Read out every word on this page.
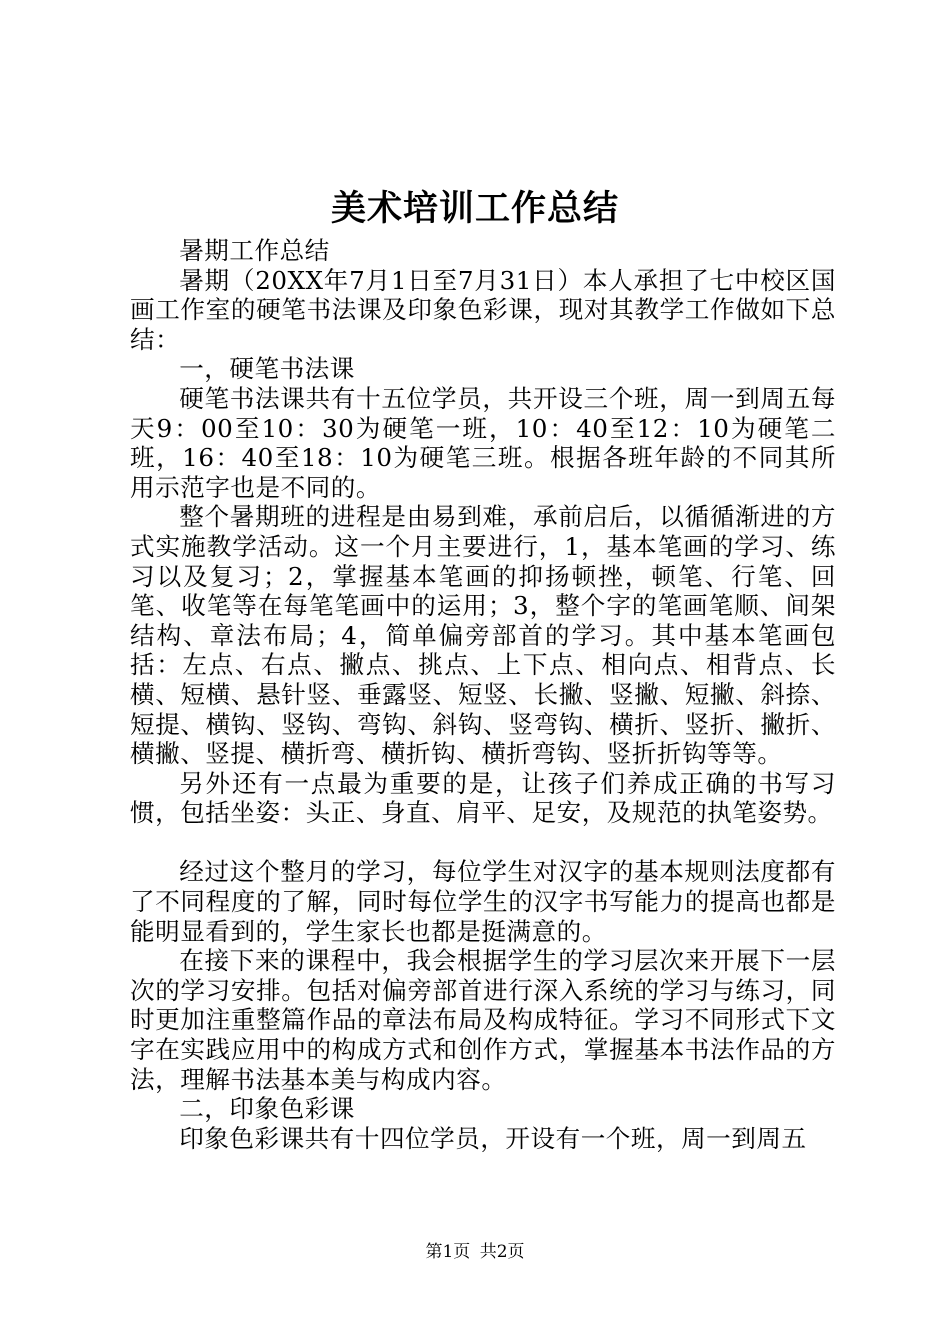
美术培训工作总结

暑期工作总结

暑期（20XX年7月1日至7月31日）本人承担了七中校区国画工作室的硬笔书法课及印象色彩课，现对其教学工作做如下总结：

一，硬笔书法课

硬笔书法课共有十五位学员，共开设三个班，周一到周五每天9：00至10：30为硬笔一班，10：40至12：10为硬笔二班，16：40至18：10为硬笔三班。根据各班年龄的不同其所用示范字也是不同的。

整个暑期班的进程是由易到难，承前启后，以循循渐进的方式实施教学活动。这一个月主要进行，1，基本笔画的学习、练习以及复习；2，掌握基本笔画的抑扬顿挫，顿笔、行笔、回笔、收笔等在每笔笔画中的运用；3，整个字的笔画笔顺、间架结构、章法布局；4，简单偏旁部首的学习。其中基本笔画包括：左点、右点、撇点、挑点、上下点、相向点、相背点、长横、短横、悬针竖、垂露竖、短竖、长撇、竖撇、短撇、斜捺、短提、横钩、竖钩、弯钩、斜钩、竖弯钩、横折、竖折、撇折、横撇、竖提、横折弯、横折钩、横折弯钩、竖折折钩等等。

另外还有一点最为重要的是，让孩子们养成正确的书写习惯，包括坐姿：头正、身直、肩平、足安，及规范的执笔姿势。

经过这个整月的学习，每位学生对汉字的基本规则法度都有了不同程度的了解，同时每位学生的汉字书写能力的提高也都是能明显看到的，学生家长也都是挺满意的。

在接下来的课程中，我会根据学生的学习层次来开展下一层次的学习安排。包括对偏旁部首进行深入系统的学习与练习，同时更加注重整篇作品的章法布局及构成特征。学习不同形式下文字在实践应用中的构成方式和创作方式，掌握基本书法作品的方法，理解书法基本美与构成内容。

二，印象色彩课

印象色彩课共有十四位学员，开设有一个班，周一到周五

第1页 共2页
